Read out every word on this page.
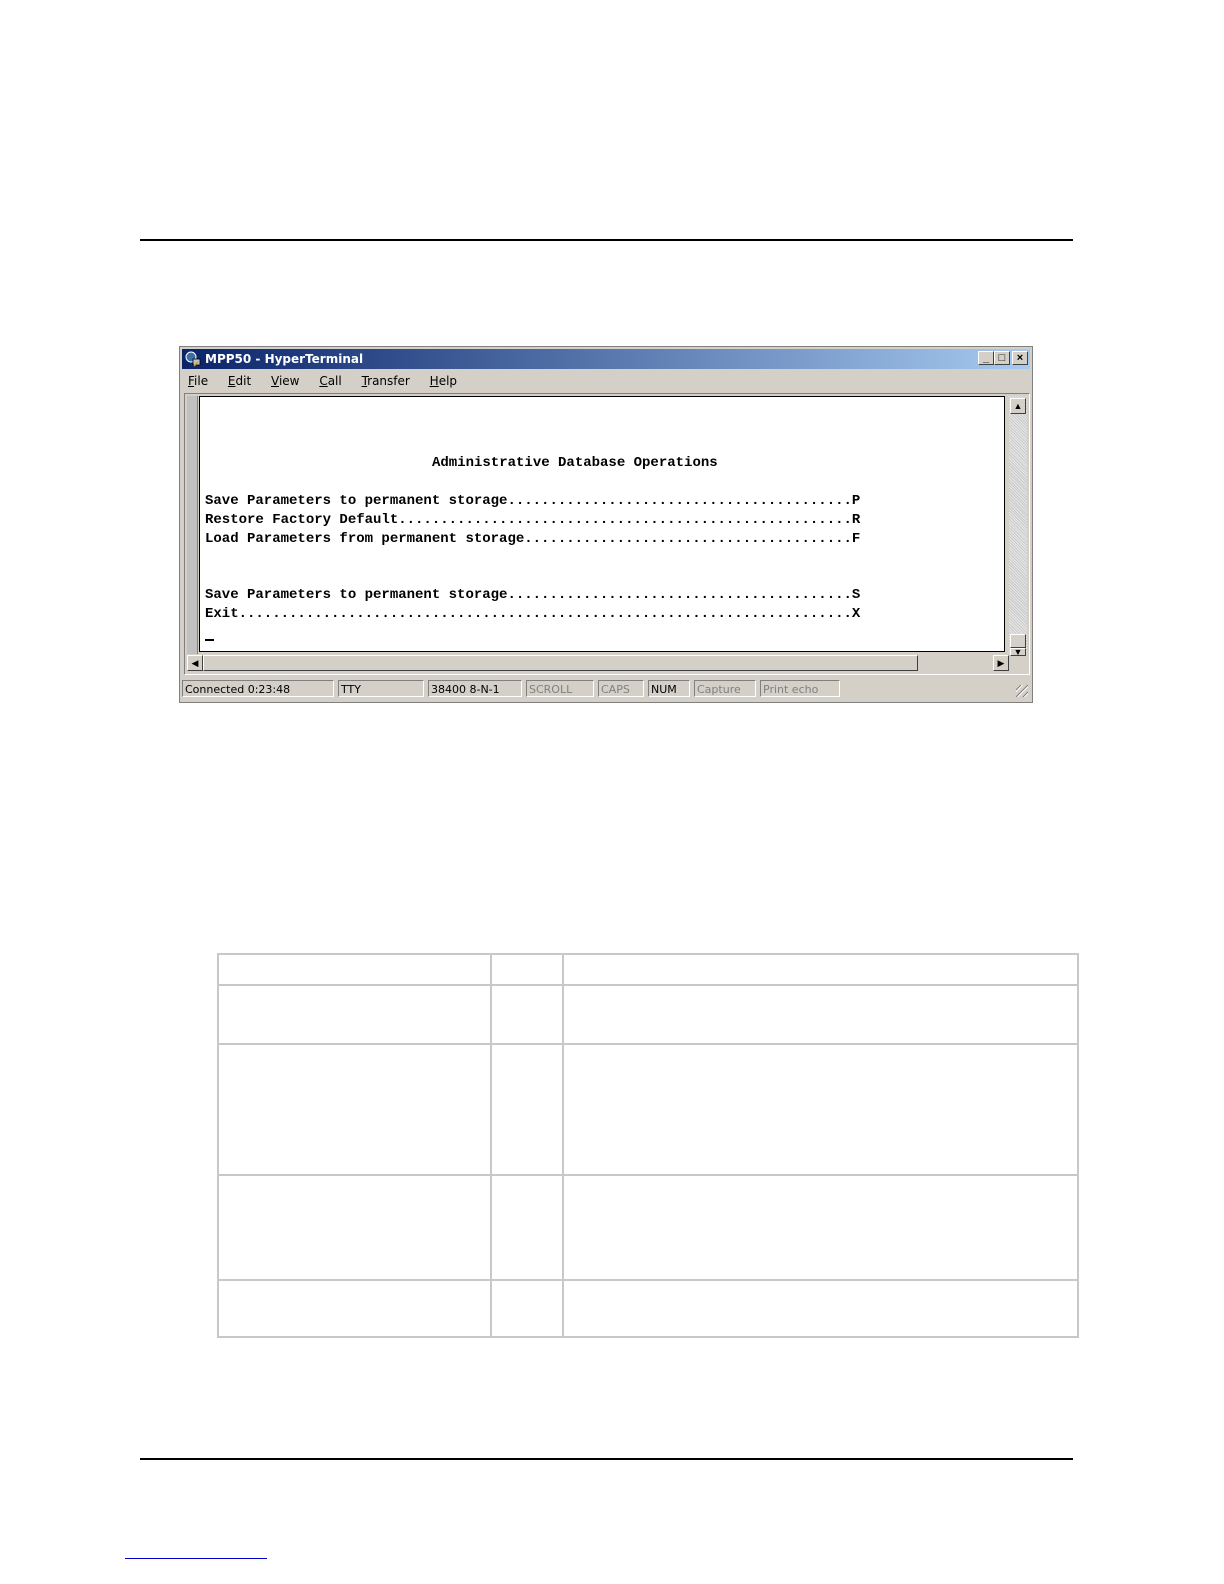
MPP50 - HyperTerminal	_ □	×
File Edit View Call Transfer Help
Administrative Database Operations
Save Parameters to permanent storage.........................................P
Restore Factory Default......................................................R
Load Parameters from permanent storage.......................................F
Save Parameters to permanent storage.........................................S
Exit.........................................................................X
▲
▼
◀	▶
Connected 0:23:48	TTY	38400 8-N-1	SCROLL	CAPS	NUM	Capture	Print echo
